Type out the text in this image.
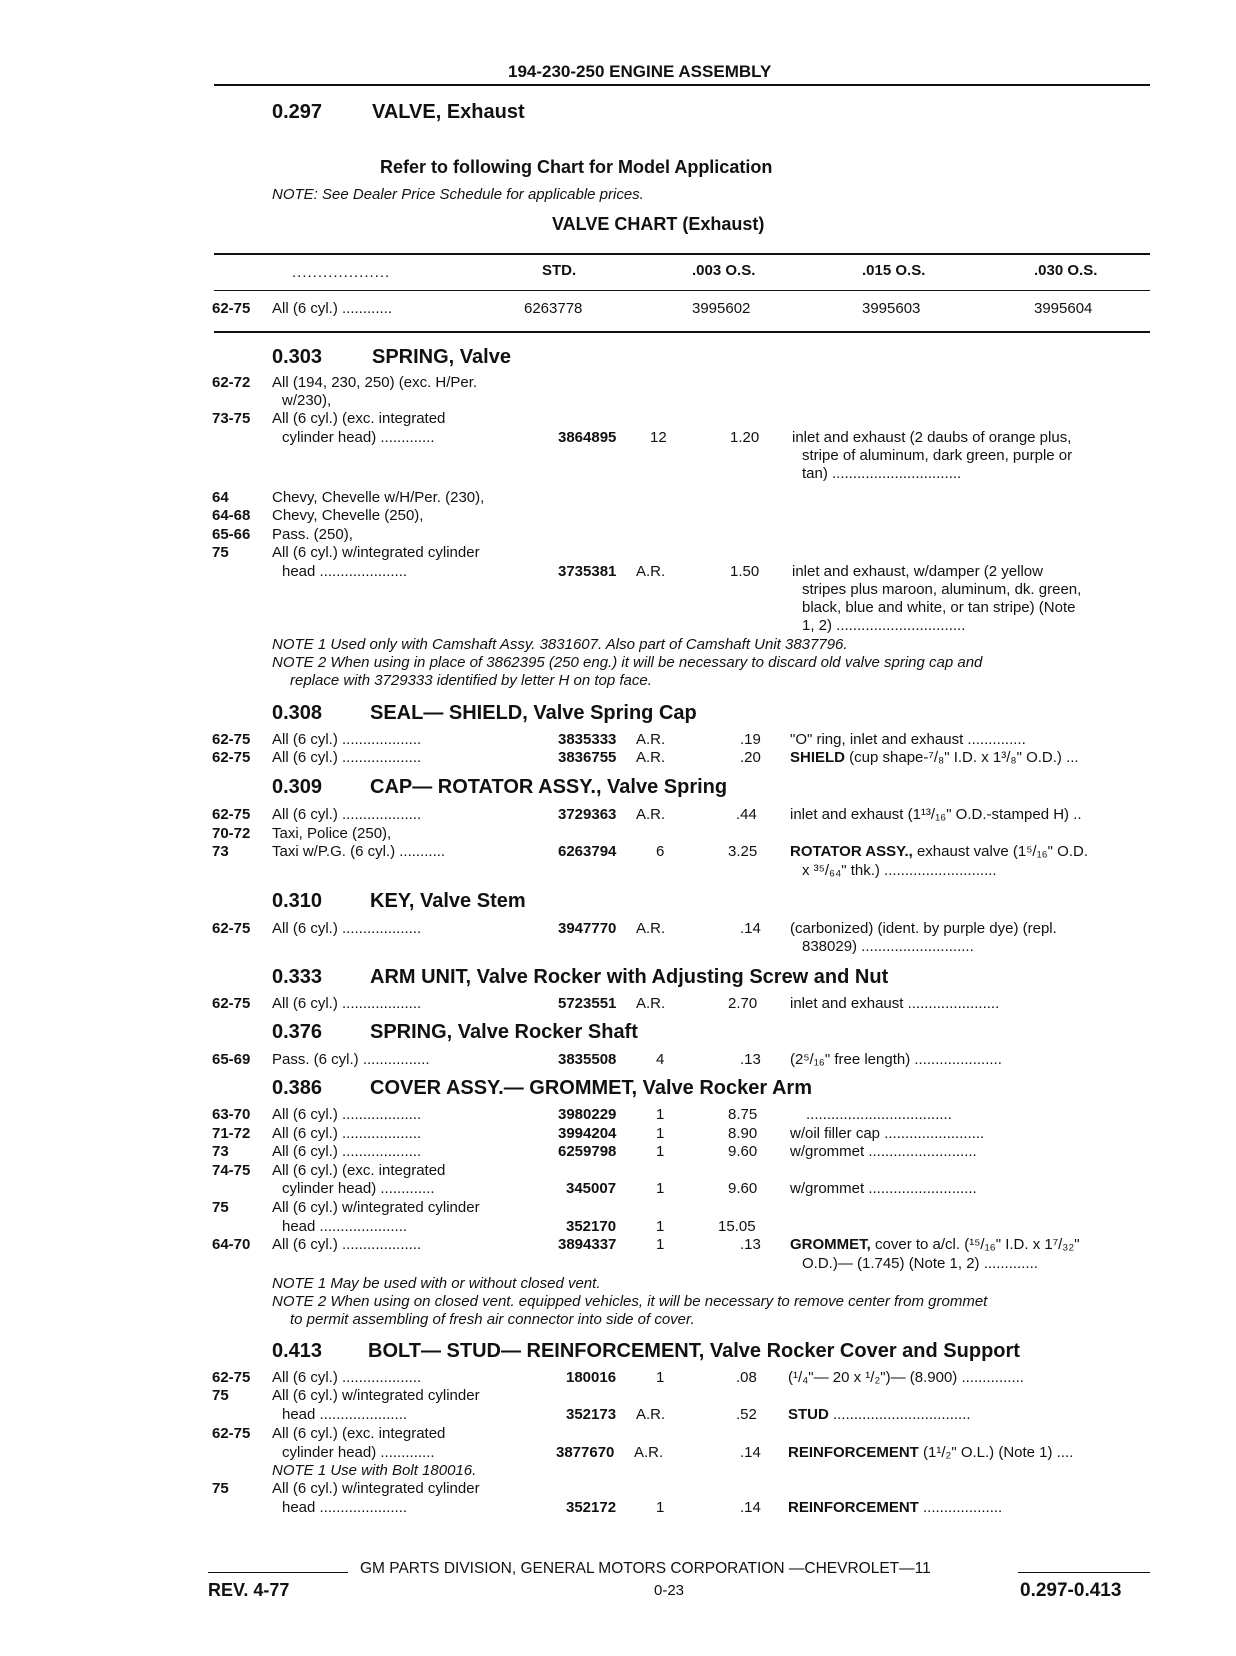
194-230-250 ENGINE ASSEMBLY
0.297 VALVE, Exhaust
Refer to following Chart for Model Application
NOTE: See Dealer Price Schedule for applicable prices.
VALVE CHART (Exhaust)
...................	STD.	.003 O.S.	.015 O.S.	.030 O.S.
62-75 All (6 cyl.) ............	6263778	3995602	3995603	3995604
0.303 SPRING, Valve
62-72 All (194, 230, 250) (exc. H/Per.
w/230),
73-75 All (6 cyl.) (exc. integrated
cylinder head) .............	3864895 12	1.20 inlet and exhaust (2 daubs of orange plus,
stripe of aluminum, dark green, purple or
tan) ...............................
64	Chevy, Chevelle w/H/Per. (230),
64-68 Chevy, Chevelle (250),
65-66 Pass. (250),
75	All (6 cyl.) w/integrated cylinder
head .....................	3735381 A.R.	1.50 inlet and exhaust, w/damper (2 yellow
stripes plus maroon, aluminum, dk. green,
black, blue and white, or tan stripe) (Note
1, 2) ...............................
NOTE 1 Used only with Camshaft Assy. 3831607. Also part of Camshaft Unit 3837796.
NOTE 2 When using in place of 3862395 (250 eng.) it will be necessary to discard old valve spring cap and
replace with 3729333 identified by letter H on top face.
0.308 SEAL— SHIELD, Valve Spring Cap
62-75 All (6 cyl.) ...................	3835333 A.R.	.19 "O" ring, inlet and exhaust ..............
62-75 All (6 cyl.) ...................	3836755 A.R.	.20 SHIELD (cup shape-⁷/₈" I.D. x 1³/₈" O.D.) ...
0.309 CAP— ROTATOR ASSY., Valve Spring
62-75 All (6 cyl.) ...................	3729363 A.R.	.44 inlet and exhaust (1¹³/₁₆" O.D.-stamped H) ..
70-72 Taxi, Police (250),
73	Taxi w/P.G. (6 cyl.) ...........	6263794	6	3.25 ROTATOR ASSY., exhaust valve (1⁵/₁₆" O.D.
x ³⁵/₆₄" thk.) ...........................
0.310 KEY, Valve Stem
62-75 All (6 cyl.) ...................	3947770 A.R.	.14 (carbonized) (ident. by purple dye) (repl.
838029) ...........................
0.333 ARM UNIT, Valve Rocker with Adjusting Screw and Nut
62-75 All (6 cyl.) ...................	5723551 A.R.	2.70 inlet and exhaust ......................
0.376 SPRING, Valve Rocker Shaft
65-69 Pass. (6 cyl.) ................	3835508	4	.13 (2⁵/₁₆" free length) .....................
0.386 COVER ASSY.— GROMMET, Valve Rocker Arm
63-70 All (6 cyl.) ...................	3980229	1	8.75	...................................
71-72 All (6 cyl.) ...................	3994204	1	8.90 w/oil filler cap ........................
73	All (6 cyl.) ...................	6259798	1	9.60 w/grommet ..........................
74-75 All (6 cyl.) (exc. integrated
cylinder head) .............	345007	1	9.60 w/grommet ..........................
75	All (6 cyl.) w/integrated cylinder
head .....................	352170	1	15.05
64-70 All (6 cyl.) ...................	3894337	1	.13 GROMMET, cover to a/cl. (¹⁵/₁₆" I.D. x 1⁷/₃₂"
O.D.)— (1.745) (Note 1, 2) .............
NOTE 1 May be used with or without closed vent.
NOTE 2 When using on closed vent. equipped vehicles, it will be necessary to remove center from grommet
to permit assembling of fresh air connector into side of cover.
0.413 BOLT— STUD— REINFORCEMENT, Valve Rocker Cover and Support
62-75 All (6 cyl.) ...................	180016	1	.08 (¹/₄"— 20 x ¹/₂")— (8.900) ...............
75	All (6 cyl.) w/integrated cylinder
head .....................	352173 A.R.	.52 STUD .................................
62-75 All (6 cyl.) (exc. integrated
cylinder head) .............	3877670 A.R.	.14 REINFORCEMENT (1¹/₂" O.L.) (Note 1) ....
NOTE 1 Use with Bolt 180016.
75	All (6 cyl.) w/integrated cylinder
head .....................	352172	1	.14 REINFORCEMENT ...................
GM PARTS DIVISION, GENERAL MOTORS CORPORATION —CHEVROLET—11
REV. 4-77	0-23	0.297-0.413
